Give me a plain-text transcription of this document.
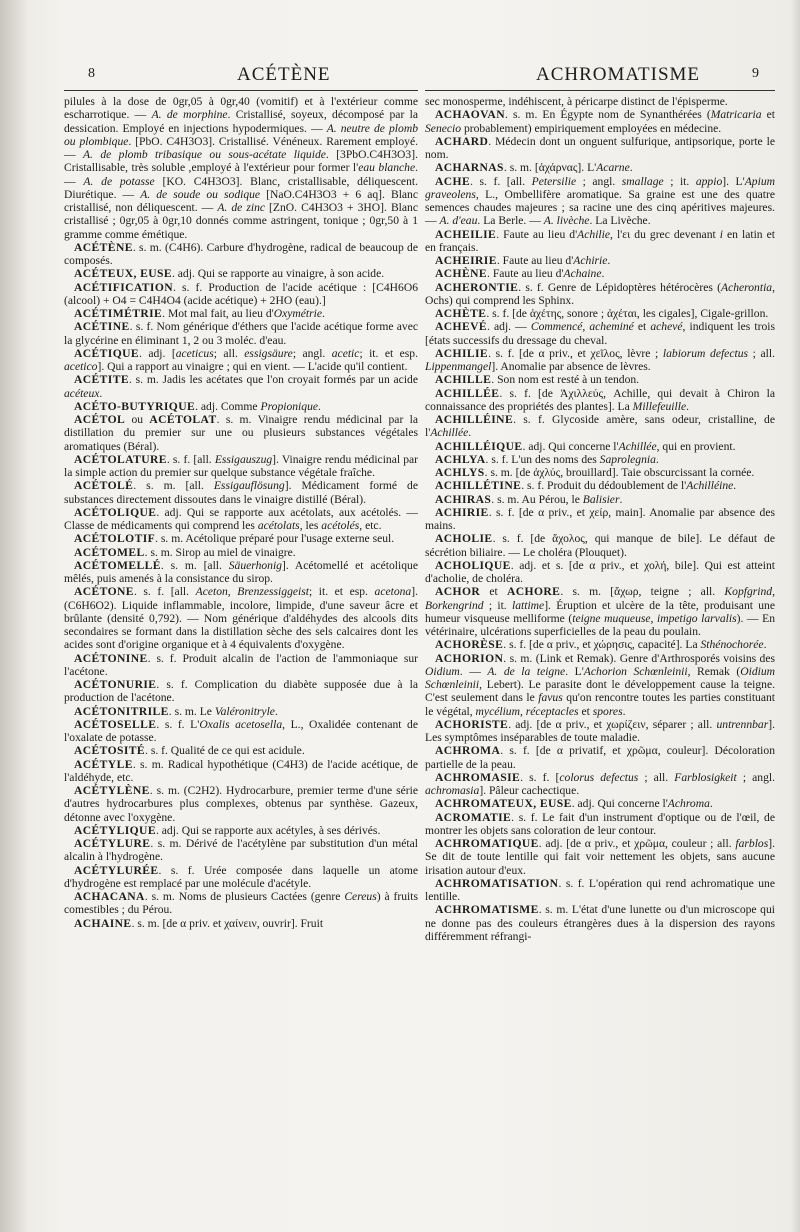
8	ACÉTÈNE	ACHROMATISME	9

pilules à la dose de 0gr,05 à 0gr,40 (vomitif) et à l'extérieur comme escharrotique. — A. de morphine. Cristallisé, soyeux, décomposé par la dessication. Employé en injections hypodermiques. — A. neutre de plomb ou plombique. [PbO. C4H3O3]. Cristallisé. Vénéneux. Rarement employé. — A. de plomb tribasique ou sous-acétate liquide. [3PbO.C4H3O3]. Cristallisable, très soluble ,employé à l'extérieur pour former l'eau blanche. — A. de potasse [KO. C4H3O3]. Blanc, cristallisable, déliquescent. Diurétique. — A. de soude ou sodique [NaO.C4H3O3 + 6 aq]. Blanc cristallisé, non déliquescent. — A. de zinc [ZnO. C4H3O3 + 3HO]. Blanc cristallisé ; 0gr,05 à 0gr,10 donnés comme astringent, tonique ; 0gr,50 à 1 gramme comme émétique.

ACÉTÈNE. s. m. (C4H6). Carbure d'hydrogène, radical de beaucoup de composés.

ACÉTEUX, EUSE. adj. Qui se rapporte au vinaigre, à son acide.

ACÉTIFICATION. s. f. Production de l'acide acétique : [C4H6O6 (alcool) + O4 = C4H4O4 (acide acétique) + 2HO (eau).]

ACÉTIMÉTRIE. Mot mal fait, au lieu d'Oxymétrie.

ACÉTINE. s. f. Nom générique d'éthers que l'acide acétique forme avec la glycérine en éliminant 1, 2 ou 3 moléc. d'eau.

ACÉTIQUE. adj. [aceticus; all. essigsäure; angl. acetic; it. et esp. acetico]. Qui a rapport au vinaigre ; qui en vient. — L'acide qu'il contient.

ACÉTITE. s. m. Jadis les acétates que l'on croyait formés par un acide acéteux.

ACÉTO-BUTYRIQUE. adj. Comme Propionique.

ACÉTOL ou ACÉTOLAT. s. m. Vinaigre rendu médicinal par la distillation du premier sur une ou plusieurs substances végétales aromatiques (Béral).

ACÉTOLATURE. s. f. [all. Essigauszug]. Vinaigre rendu médicinal par la simple action du premier sur quelque substance végétale fraîche.

ACÉTOLÉ. s. m. [all. Essigauflösung]. Médicament formé de substances directement dissoutes dans le vinaigre distillé (Béral).

ACÉTOLIQUE. adj. Qui se rapporte aux acétolats, aux acétolés. — Classe de médicaments qui comprend les acétolats, les acétolés, etc.

ACÉTOLOTIF. s. m. Acétolique préparé pour l'usage externe seul.

ACÉTOMEL. s. m. Sirop au miel de vinaigre.

ACÉTOMELLÉ. s. m. [all. Säuerhonig]. Acétomellé et acétolique mêlés, puis amenés à la consistance du sirop.

ACÉTONE. s. f. [all. Aceton, Brenzessiggeist; it. et esp. acetona]. (C6H6O2). Liquide inflammable, incolore, limpide, d'une saveur âcre et brûlante (densité 0,792). — Nom générique d'aldéhydes des alcools dits secondaires se formant dans la distillation sèche des sels calcaires dont les acides sont d'origine organique et à 4 équivalents d'oxygène.

ACÉTONINE. s. f. Produit alcalin de l'action de l'ammoniaque sur l'acétone.

ACÉTONURIE. s. f. Complication du diabète supposée due à la production de l'acétone.

ACÉTONITRILE. s. m. Le Valéronitryle.

ACÉTOSELLE. s. f. L'Oxalis acetosella, L., Oxalidée contenant de l'oxalate de potasse.

ACÉTOSITÉ. s. f. Qualité de ce qui est acidule.

ACÉTYLE. s. m. Radical hypothétique (C4H3) de l'acide acétique, de l'aldéhyde, etc.

ACÉTYLÈNE. s. m. (C2H2). Hydrocarbure, premier terme d'une série d'autres hydrocarbures plus complexes, obtenus par synthèse. Gazeux, détonne avec l'oxygène.

ACÉTYLIQUE. adj. Qui se rapporte aux acétyles, à ses dérivés.

ACÉTYLURE. s. m. Dérivé de l'acétylène par substitution d'un métal alcalin à l'hydrogène.

ACÉTYLURÉE. s. f. Urée composée dans laquelle un atome d'hydrogène est remplacé par une molécule d'acétyle.

ACHACANA. s. m. Noms de plusieurs Cactées (genre Cereus) à fruits comestibles ; du Pérou.

ACHAINE. s. m. [de α priv. et χαίνειν, ouvrir]. Fruit

sec monosperme, indéhiscent, à péricarpe distinct de l'épisperme.

ACHAOVAN. s. m. En Égypte nom de Synanthérées (Matricaria et Senecio probablement) empiriquement employées en médecine.

ACHARD. Médecin dont un onguent sulfurique, antipsorique, porte le nom.

ACHARNAS. s. m. [ἀχάρνας]. L'Acarne.

ACHE. s. f. [all. Petersilie ; angl. smallage ; it. appio]. L'Apium graveolens, L., Ombellifère aromatique. Sa graine est une des quatre semences chaudes majeures ; sa racine une des cinq apéritives majeures. — A. d'eau. La Berle. — A. livèche. La Livèche.

ACHEILIE. Faute au lieu d'Achilie, l'ει du grec devenant i en latin et en français.

ACHEIRIE. Faute au lieu d'Achirie.

ACHÈNE. Faute au lieu d'Achaine.

ACHERONTIE. s. f. Genre de Lépidoptères hétérocères (Acherontia, Ochs) qui comprend les Sphinx.

ACHÈTE. s. f. [de ἀχέτης, sonore ; ἀχέται, les cigales], Cigale-grillon.

ACHEVÉ. adj. — Commencé, acheminé et achevé, indiquent les trois [états successifs du dressage du cheval.

ACHILIE. s. f. [de α priv., et χεῖλος, lèvre ; labiorum defectus ; all. Lippenmangel]. Anomalie par absence de lèvres.

ACHILLE. Son nom est resté à un tendon.

ACHILLÉE. s. f. [de Ἀχιλλεύς, Achille, qui devait à Chiron la connaissance des propriétés des plantes]. La Millefeuille.

ACHILLÉINE. s. f. Glycoside amère, sans odeur, cristalline, de l'Achillée.

ACHILLÉIQUE. adj. Qui concerne l'Achillée, qui en provient.

ACHLYA. s. f. L'un des noms des Saprolegnia.

ACHLYS. s. m. [de ἀχλύς, brouillard]. Taie obscurcissant la cornée.

ACHILLÉTINE. s. f. Produit du dédoublement de l'Achilléine.

ACHIRAS. s. m. Au Pérou, le Balisier.

ACHIRIE. s. f. [de α priv., et χείρ, main]. Anomalie par absence des mains.

ACHOLIE. s. f. [de ἄχολος, qui manque de bile]. Le défaut de sécrétion biliaire. — Le choléra (Plouquet).

ACHOLIQUE. adj. et s. [de α priv., et χολή, bile]. Qui est atteint d'acholie, de choléra.

ACHOR et ACHORE. s. m. [ἄχωρ, teigne ; all. Kopfgrind, Borkengrind ; it. lattime]. Éruption et ulcère de la tête, produisant une humeur visqueuse melliforme (teigne muqueuse, impetigo larvalis). — En vétérinaire, ulcérations superficielles de la peau du poulain.

ACHORÈSE. s. f. [de α priv., et χώρησις, capacité]. La Sthénochorée.

ACHORION. s. m. (Link et Remak). Genre d'Arthrosporés voisins des Oidium. — A. de la teigne. L'Achorion Schœnleinii, Remak (Oidium Schœnleinii, Lebert). Le parasite dont le développement cause la teigne. C'est seulement dans le favus qu'on rencontre toutes les parties constituant le végétal, mycélium, réceptacles et spores.

ACHORISTE. adj. [de α priv., et χωρίζειν, séparer ; all. untrennbar]. Les symptômes inséparables de toute maladie.

ACHROMA. s. f. [de α privatif, et χρῶμα, couleur]. Décoloration partielle de la peau.

ACHROMASIE. s. f. [colorus defectus ; all. Farblosigkeit ; angl. achromasia]. Pâleur cachectique.

ACHROMATEUX, EUSE. adj. Qui concerne l'Achroma.

ACROMATIE. s. f. Le fait d'un instrument d'optique ou de l'œil, de montrer les objets sans coloration de leur contour.

ACHROMATIQUE. adj. [de α priv., et χρῶμα, couleur ; all. farblos]. Se dit de toute lentille qui fait voir nettement les objets, sans aucune irisation autour d'eux.

ACHROMATISATION. s. f. L'opération qui rend achromatique une lentille.

ACHROMATISME. s. m. L'état d'une lunette ou d'un microscope qui ne donne pas des couleurs étrangères dues à la dispersion des rayons différemment réfrangi-
